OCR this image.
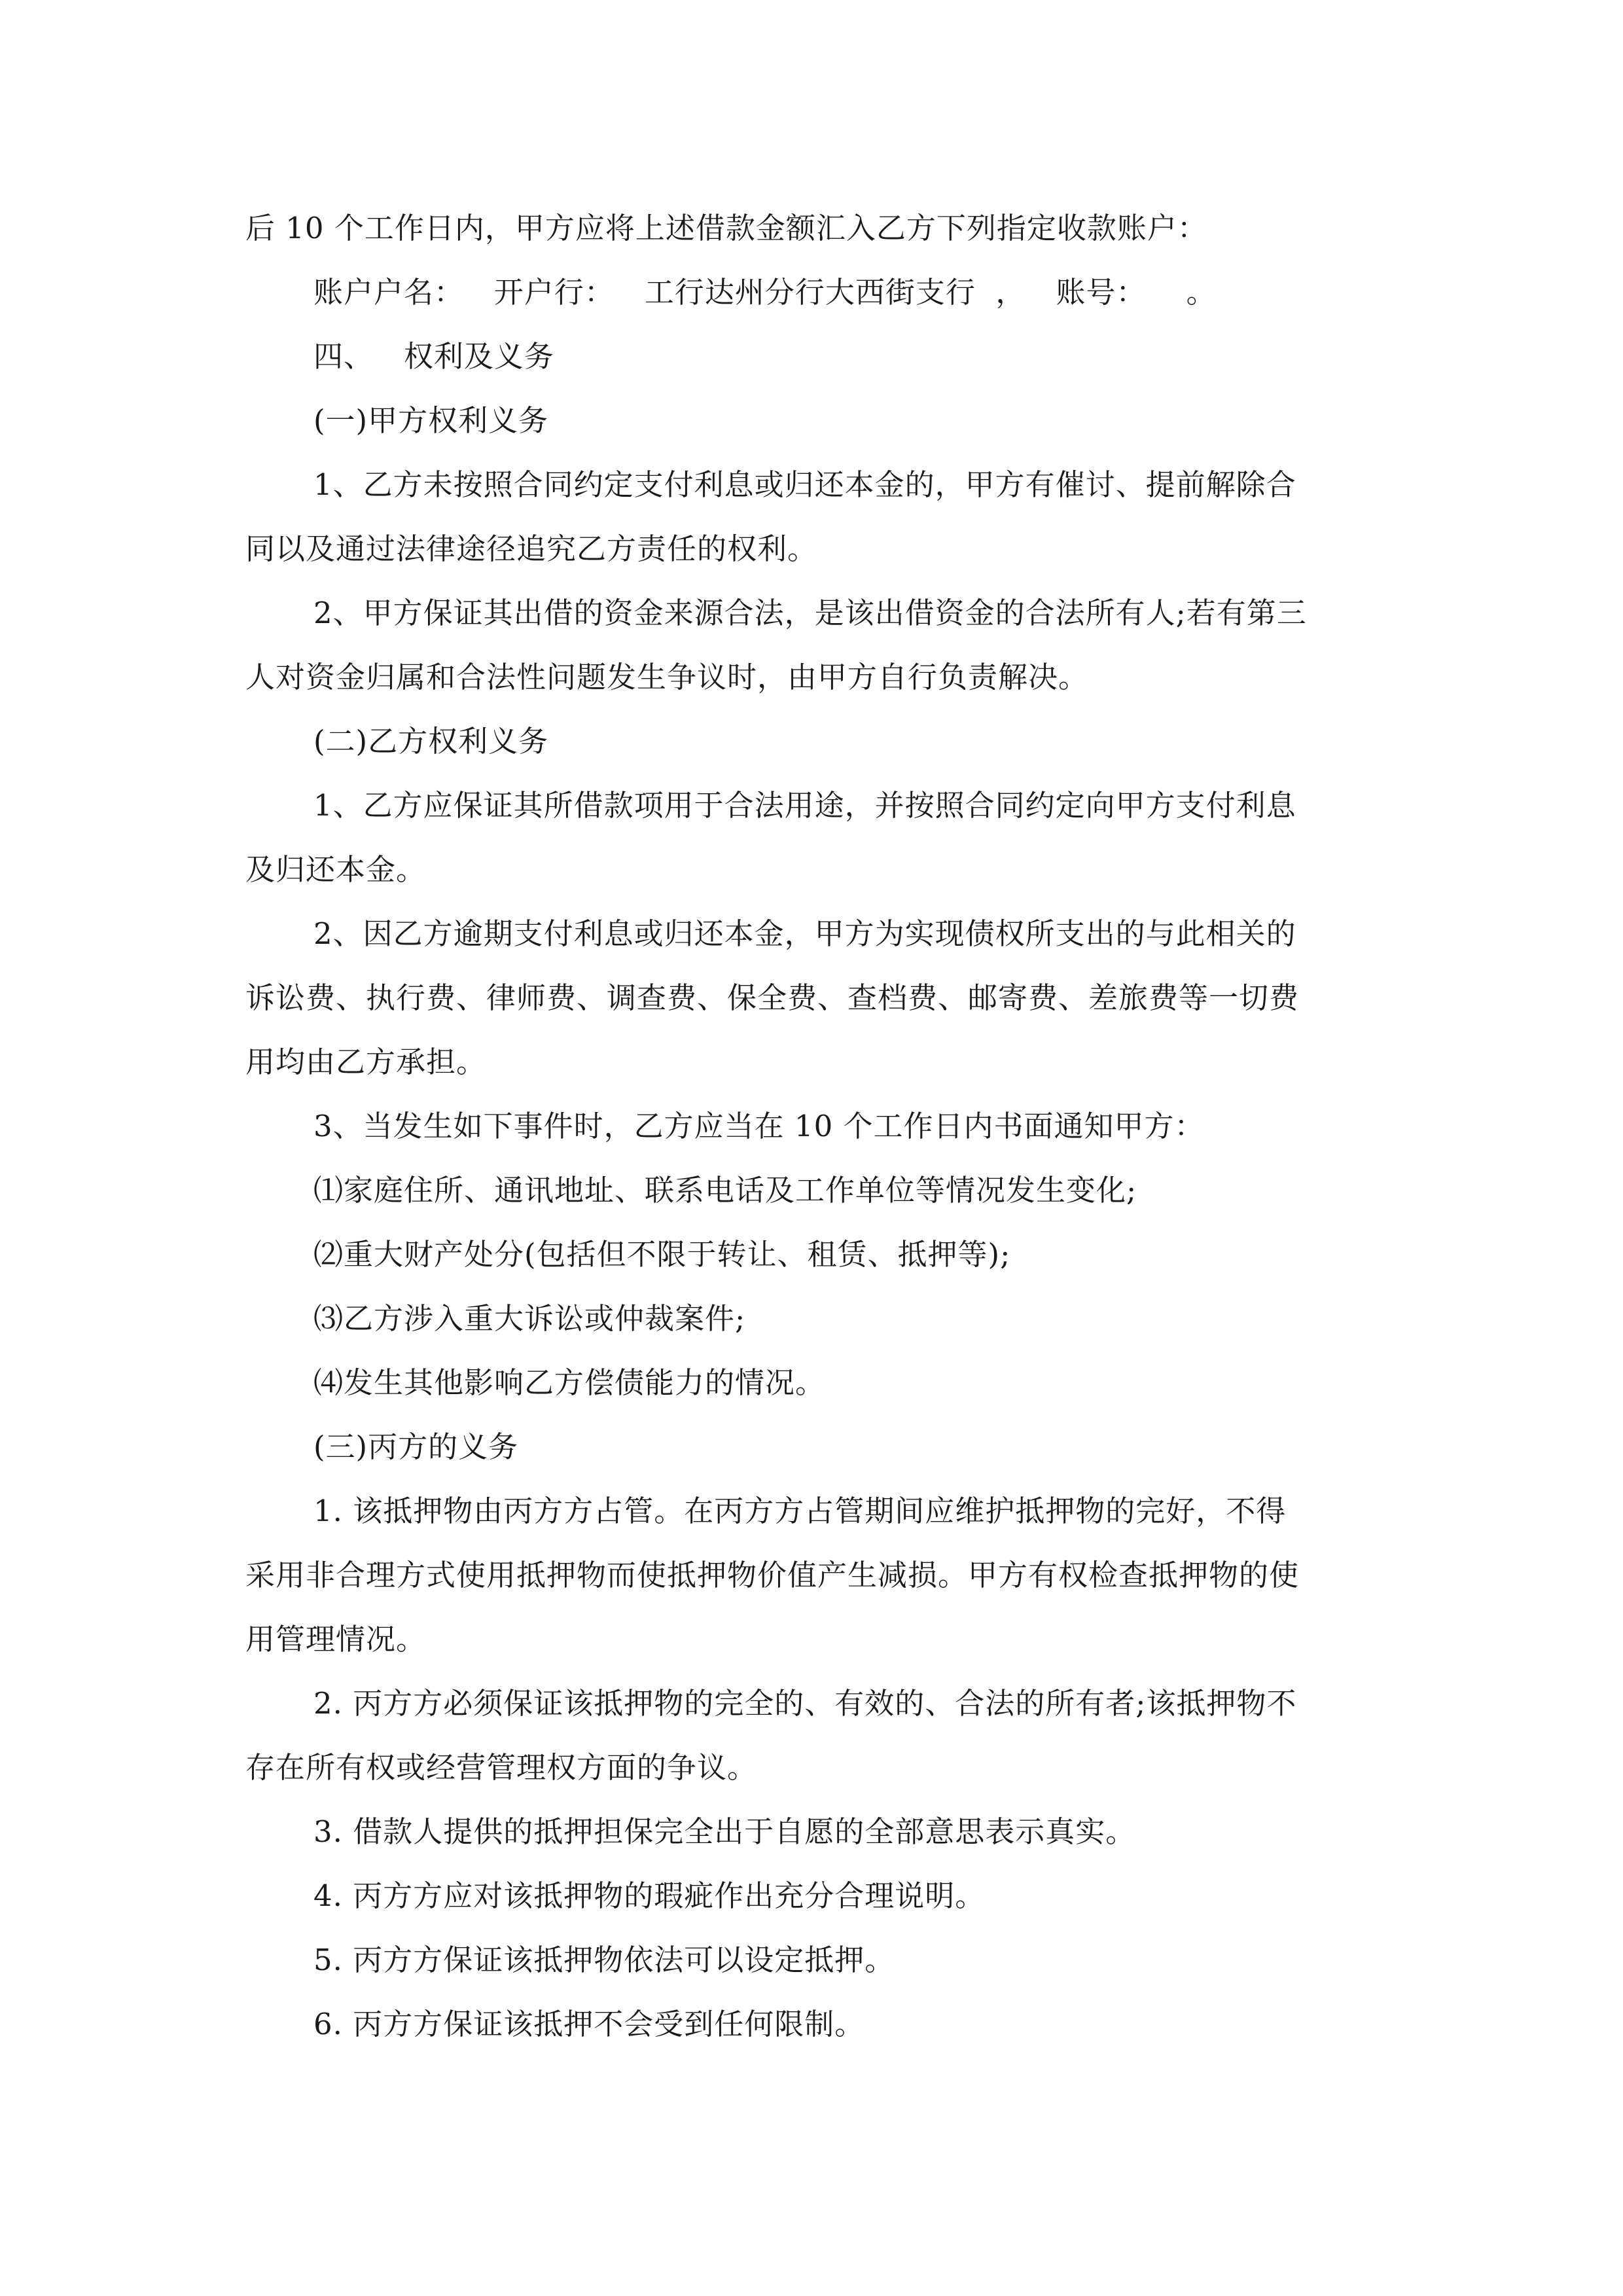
后 10 个工作日内，甲方应将上述借款金额汇入乙方下列指定收款账户：
账户户名：   开户行：   工行达州分行大西街支行  ，   账号：    。
四、   权利及义务
(一)甲方权利义务
1、乙方未按照合同约定支付利息或归还本金的，甲方有催讨、提前解除合
同以及通过法律途径追究乙方责任的权利。
2、甲方保证其出借的资金来源合法，是该出借资金的合法所有人;若有第三
人对资金归属和合法性问题发生争议时，由甲方自行负责解决。
(二)乙方权利义务
1、乙方应保证其所借款项用于合法用途，并按照合同约定向甲方支付利息
及归还本金。
2、因乙方逾期支付利息或归还本金，甲方为实现债权所支出的与此相关的
诉讼费、执行费、律师费、调查费、保全费、查档费、邮寄费、差旅费等一切费
用均由乙方承担。
3、当发生如下事件时，乙方应当在 10 个工作日内书面通知甲方：
⑴家庭住所、通讯地址、联系电话及工作单位等情况发生变化;
⑵重大财产处分(包括但不限于转让、租赁、抵押等);
⑶乙方涉入重大诉讼或仲裁案件;
⑷发生其他影响乙方偿债能力的情况。
(三)丙方的义务
1. 该抵押物由丙方方占管。在丙方方占管期间应维护抵押物的完好，不得
采用非合理方式使用抵押物而使抵押物价值产生减损。甲方有权检查抵押物的使
用管理情况。
2. 丙方方必须保证该抵押物的完全的、有效的、合法的所有者;该抵押物不
存在所有权或经营管理权方面的争议。
3. 借款人提供的抵押担保完全出于自愿的全部意思表示真实。
4. 丙方方应对该抵押物的瑕疵作出充分合理说明。
5. 丙方方保证该抵押物依法可以设定抵押。
6. 丙方方保证该抵押不会受到任何限制。
